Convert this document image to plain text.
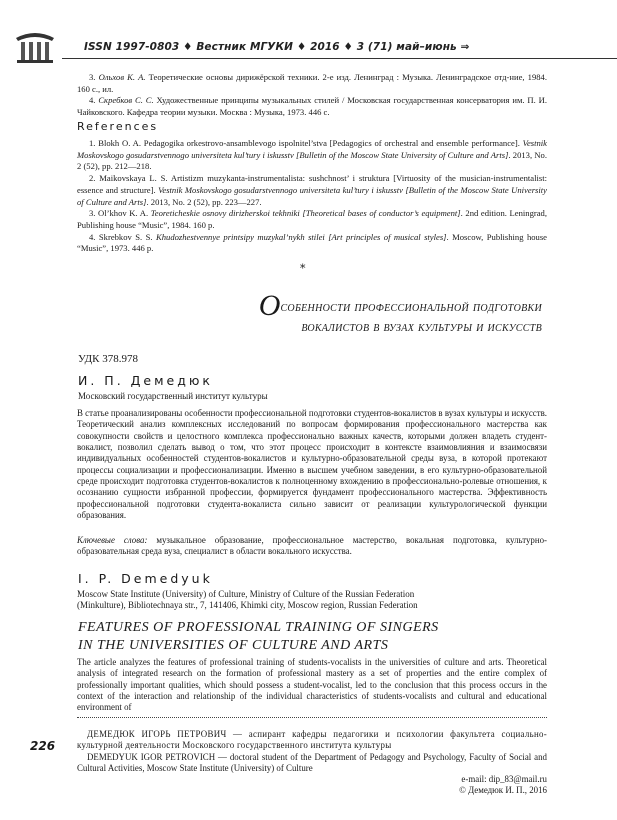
ISSN 1997-0803 ♦ Вестник МГУКИ ♦ 2016 ♦ 3 (71) май–июнь ⇒

3. Ольхов К. А. Теоретические основы дирижёрской техники. 2-е изд. Ленинград : Музыка. Ленинградское отд-ние, 1984. 160 с., ил.

4. Скребков С. С. Художественные принципы музыкальных стилей / Московская государственная консерватория им. П. И. Чайковского. Кафедра теории музыки. Москва : Музыка, 1973. 446 с.

References

1. Blokh O. A. Pedagogika orkestrovo-ansamblevogo ispolnitel’stva [Pedagogics of orchestral and ensemble performance]. Vestnik Moskovskogo gosudarstvennogo universiteta kul’tury i iskusstv [Bulletin of the Moscow State University of Culture and Arts]. 2013, No. 2 (52), pp. 212—218.

2. Maikovskaya L. S. Artistizm muzykanta-instrumentalista: sushchnost’ i struktura [Virtuosity of the musician-instrumentalist: essence and structure]. Vestnik Moskovskogo gosudarstvennogo universiteta kul’tury i iskusstv [Bulletin of the Moscow State University of Culture and Arts]. 2013, No. 2 (52), pp. 223—227.

3. Ol’khov K. A. Teoreticheskie osnovy dirizherskoi tekhniki [Theoretical bases of conductor’s equipment]. 2nd edition. Leningrad, Publishing house “Music”, 1984. 160 p.

4. Skrebkov S. S. Khudozhestvennye printsipy muzykal’nykh stilei [Art principles of musical styles]. Moscow, Publishing house “Music”, 1973. 446 p.

*
Особенности профессиональной подготовки
вокалистов в вузах культуры и искусств
УДК 378.978
И. П. Демедюк
Московский государственный институт культуры

В статье проанализированы особенности профессиональной подготовки студентов-вокалистов в вузах культуры и искусств. Теоретический анализ комплексных исследований по вопросам формирования профессионального мастерства как совокупности свойств и целостного комплекса профессионально важных качеств, которыми должен владеть студент-вокалист, позволил сделать вывод о том, что этот процесс происходит в контексте взаимовлияния и взаимосвязи индивидуальных особенностей студентов-вокалистов и культурно-образовательной среды вуза, в которой протекают процессы социализации и профессионализации. Именно в высшем учебном заведении, в его культурно-образовательной среде происходит подготовка студентов-вокалистов к полноценному вхождению в профессионально-ролевые отношения, к осознанию сущности избранной профессии, формируется фундамент профессионального мастерства. Эффективность профессиональной подготовки студента-вокалиста сильно зависит от реализации культурологической функции образования.

Ключевые слова: музыкальное образование, профессиональное мастерство, вокальная подготовка, культурно-образовательная среда вуза, специалист в области вокального искусства.

I. P. Demedyuk
Moscow State Institute (University) of Culture, Ministry of Culture of the Russian Federation
(Minkulture), Bibliotechnaya str., 7, 141406, Khimki city, Moscow region, Russian Federation
FEATURES OF PROFESSIONAL TRAINING OF SINGERS
IN THE UNIVERSITIES OF CULTURE AND ARTS

The article analyzes the features of professional training of students-vocalists in the universities of culture and arts. Theoretical analysis of integrated research on the formation of professional mastery as a set of properties and the entire complex of professionally important qualities, which should possess a student-vocalist, led to the conclusion that this process occurs in the context of the interaction and relationship of the individual characteristics of students-vocalists and cultural and educational environment of

226

ДЕМЕДЮК ИГОРЬ ПЕТРОВИЧ — аспирант кафедры педагогики и психологии факультета социально-культурной деятельности Московского государственного института культуры

DEMEDYUK IGOR PETROVICH — doctoral student of the Department of Pedagogy and Psychology, Faculty of Social and Cultural Activities, Moscow State Institute (University) of Culture

e-mail: dip_83@mail.ru
© Демедюк И. П., 2016
